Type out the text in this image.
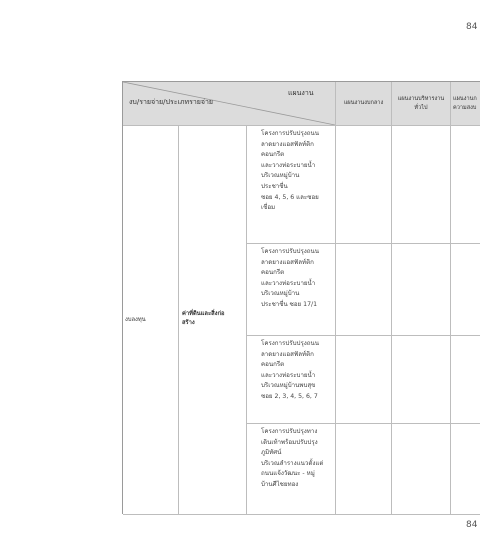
84
แผนงาน
งบ/รายจ่าย/ประเภทรายจ่าย	แผนงานงบกลาง
แผนงานบริหารงาน
ทั่วไป
แผนงานก
ความสงบ
งบลงทุน
ค่าที่ดินและสิ่งก่อ
สร้าง
โครงการปรับปรุงถนน
ลาดยางแอสฟัลท์ติก
คอนกรีต
และวางท่อระบายน้ำ
บริเวณหมู่บ้าน
ประชาชื่น
ซอย 4, 5, 6 และซอย
เชื่อม
โครงการปรับปรุงถนน
ลาดยางแอสฟัลท์ติก
คอนกรีต
และวางท่อระบายน้ำ
บริเวณหมู่บ้าน
ประชาชื่น ซอย 17/1
โครงการปรับปรุงถนน
ลาดยางแอสฟัลท์ติก
คอนกรีต
และวางท่อระบายน้ำ
บริเวณหมู่บ้านพบสุข
ซอย 2, 3, 4, 5, 6, 7
โครงการปรับปรุงทาง
เดินเท้าพร้อมปรับปรุง
ภูมิทัศน์
บริเวณลำรางแนวตั้งแต่
ถนนแจ้งวัฒนะ - หมู่
บ้านศีไชยทอง
84
